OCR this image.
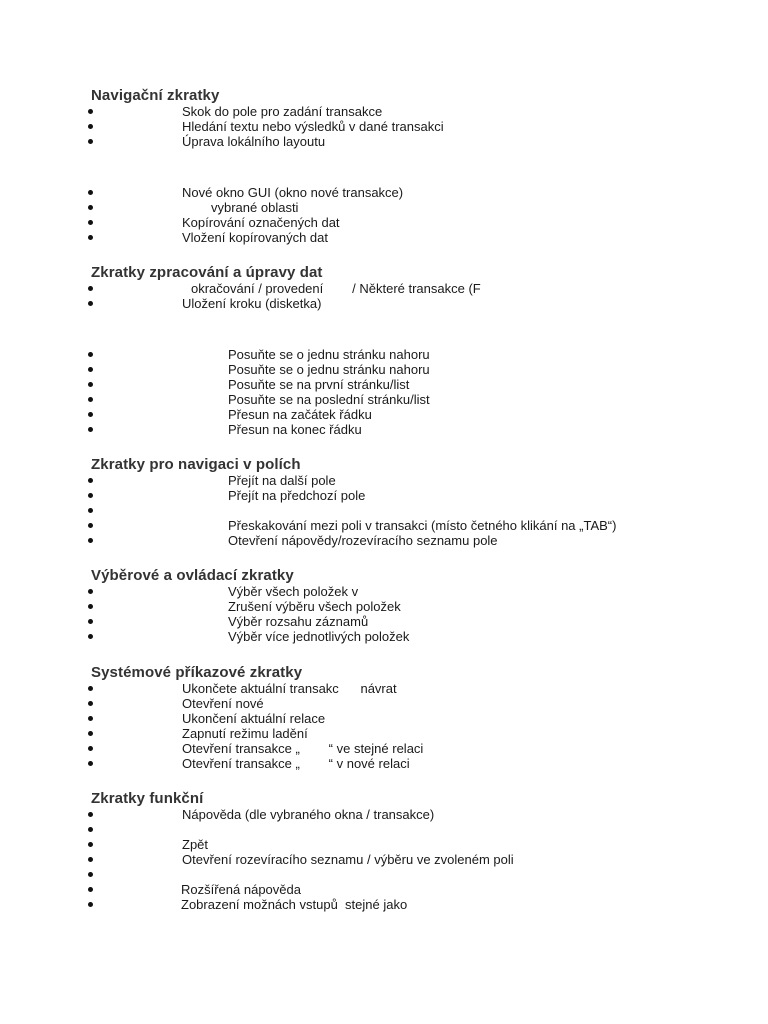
Navigační zkratky
Skok do pole pro zadání transakce
Hledání textu nebo výsledků v dané transakci
Úprava lokálního layoutu
Nové okno GUI (okno nové transakce)
vybrané oblasti
Kopírování označených dat
Vložení kopírovaných dat
Zkratky zpracování a úpravy dat
okračování / provedení        / Některé transakce (F
Uložení kroku (disketka)
Posuňte se o jednu stránku nahoru
Posuňte se o jednu stránku nahoru
Posuňte se na první stránku/list
Posuňte se na poslední stránku/list
Přesun na začátek řádku
Přesun na konec řádku
Zkratky pro navigaci v polích
Přejít na další pole
Přejít na předchozí pole
Přeskakování mezi poli v transakci (místo četného klikání na „TAB“)
Otevření nápovědy/rozevíracího seznamu pole
Výběrové a ovládací zkratky
Výběr všech položek v
Zrušení výběru všech položek
Výběr rozsahu záznamů
Výběr více jednotlivých položek
Systémové příkazové zkratky
Ukončete aktuální transakc      návrat
Otevření nové
Ukončení aktuální relace
Zapnutí režimu ladění
Otevření transakce „        “ ve stejné relaci
Otevření transakce „        “ v nové relaci
Zkratky funkční
Nápověda (dle vybraného okna / transakce)
Zpět
Otevření rozevíracího seznamu / výběru ve zvoleném poli
Rozšířená nápověda
Zobrazení možnách vstupů  stejné jako
